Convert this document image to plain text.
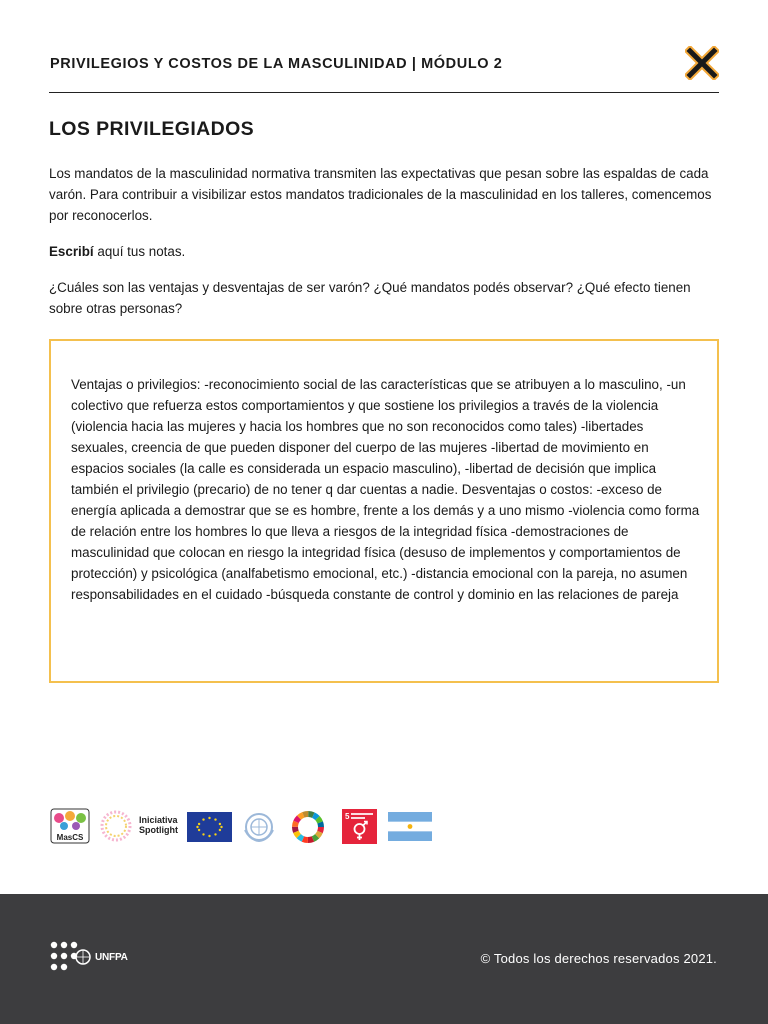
PRIVILEGIOS Y COSTOS DE LA MASCULINIDAD | MÓDULO 2
LOS PRIVILEGIADOS

Los mandatos de la masculinidad normativa transmiten las expectativas que pesan sobre las espaldas de cada varón. Para contribuir a visibilizar estos mandatos tradicionales de la masculinidad en los talleres, comencemos por reconocerlos.

Escribí aquí tus notas.

¿Cuáles son las ventajas y desventajas de ser varón? ¿Qué mandatos podés observar? ¿Qué efecto tienen sobre otras personas?

Ventajas o privilegios: -reconocimiento social de las características que se atribuyen a lo masculino, -un colectivo que refuerza estos comportamientos y que sostiene los privilegios a través de la violencia (violencia hacia las mujeres y hacia los hombres que no son reconocidos como tales) -libertades sexuales, creencia de que pueden disponer del cuerpo de las mujeres -libertad de movimiento en espacios sociales (la calle es considerada un espacio masculino), -libertad de decisión que implica también el privilegio (precario) de no tener q dar cuentas a nadie. Desventajas o costos: -exceso de energía aplicada a demostrar que se es hombre, frente a los demás y a uno mismo -violencia como forma de relación entre los hombres lo que lleva a riesgos de la integridad física -demostraciones de masculinidad que colocan en riesgo la integridad física (desuso de implementos y comportamientos de protección) y psicológica (analfabetismo emocional, etc.) -distancia emocional con la pareja, no asumen responsabilidades en el cuidado -búsqueda constante de control y dominio en las relaciones de pareja

MasCS
Iniciativa
Spotlight
5
UNFPA	© Todos los derechos reservados 2021.
